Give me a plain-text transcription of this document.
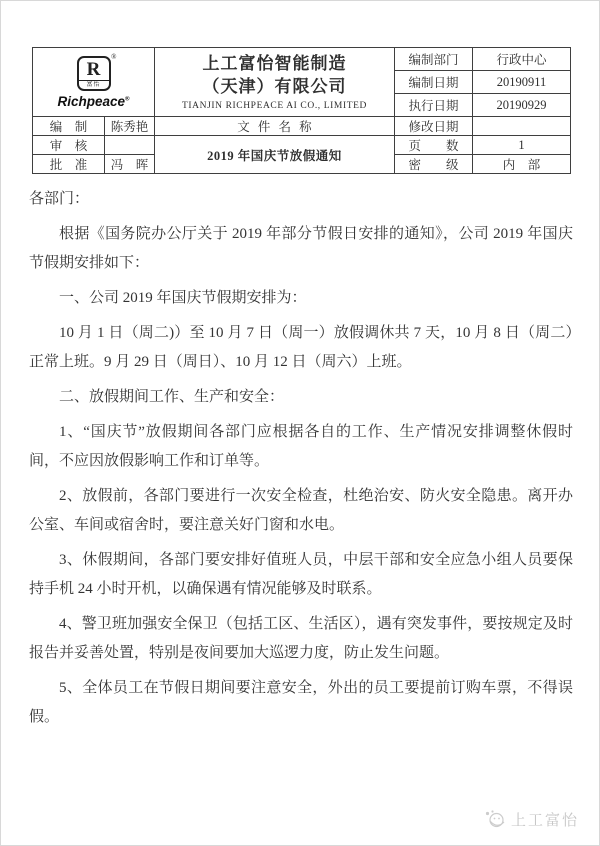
R
富怡
®
Richpeace®

上工富怡智能制造
（天津）有限公司
TIANJIN RICHPEACE AI CO., LIMITED
	编制部门	行政中心
			编制日期	20190911
			执行日期	20190929
编　制	陈秀艳	文件名称	修改日期	
审　核		2019 年国庆节放假通知	页　　数	1
批　准	冯　晖		密　　级	内　部

各部门：

根据《国务院办公厅关于 2019 年部分节假日安排的通知》，公司 2019 年国庆节假期安排如下：

一、公司 2019 年国庆节假期安排为：

10 月 1 日（周二)）至 10 月 7 日（周一）放假调休共 7 天，10 月 8 日（周二）正常上班。9 月 29 日（周日）、10 月 12 日（周六）上班。

二、放假期间工作、生产和安全：

1、“国庆节”放假期间各部门应根据各自的工作、生产情况安排调整休假时间，不应因放假影响工作和订单等。

2、放假前，各部门要进行一次安全检查，杜绝治安、防火安全隐患。离开办公室、车间或宿舍时，要注意关好门窗和水电。

3、休假期间，各部门要安排好值班人员，中层干部和安全应急小组人员要保持手机 24 小时开机，以确保遇有情况能够及时联系。

4、警卫班加强安全保卫（包括工区、生活区），遇有突发事件，要按规定及时报告并妥善处置，特别是夜间要加大巡逻力度，防止发生问题。

5、全体员工在节假日期间要注意安全，外出的员工要提前订购车票，不得误假。

上工富怡
